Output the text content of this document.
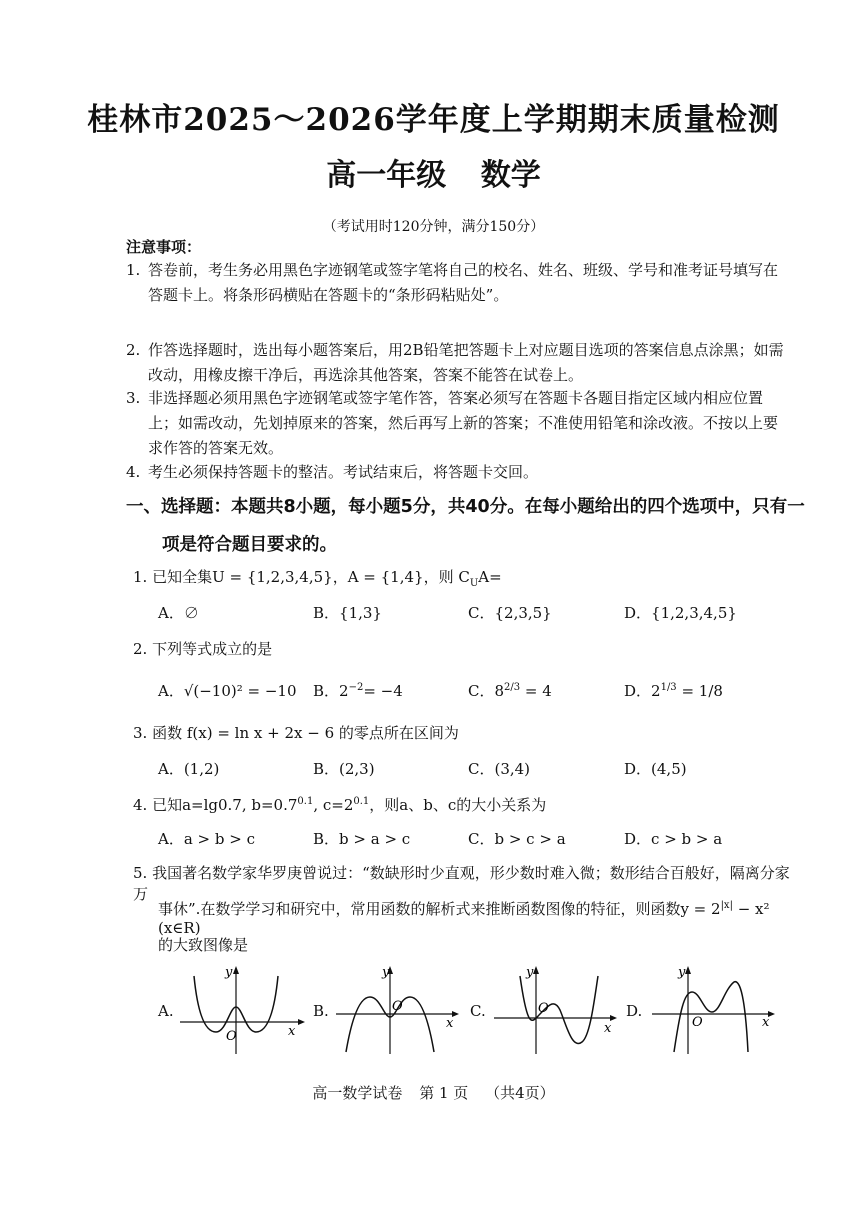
桂林市2025～2026学年度上学期期末质量检测
高一年级 数学
（考试用时120分钟，满分150分）
注意事项：
1. 答卷前，考生务必用黑色字迹钢笔或签字笔将自己的校名、姓名、班级、学号和准考证号填写在答题卡上。将条形码横贴在答题卡的“条形码粘贴处”。
2. 作答选择题时，选出每小题答案后，用2B铅笔把答题卡上对应题目选项的答案信息点涂黑；如需改动，用橡皮擦干净后，再选涂其他答案，答案不能答在试卷上。
3. 非选择题必须用黑色字迹钢笔或签字笔作答，答案必须写在答题卡各题目指定区域内相应位置上；如需改动，先划掉原来的答案，然后再写上新的答案；不准使用铅笔和涂改液。不按以上要求作答的答案无效。
4. 考生必须保持答题卡的整洁。考试结束后，将答题卡交回。
一、选择题：本题共8小题，每小题5分，共40分。在每小题给出的四个选项中，只有一项是符合题目要求的。
1. 已知全集U = {1,2,3,4,5}，A = {1,4}，则 $C_UA=$
A．∅	B．{1,3}	C．{2,3,5}	D．{1,2,3,4,5}
2. 下列等式成立的是
A．√(−10)² = −10 B．$2^{-2}= -4$	C．$8^{2/3} = 4$	D．$2^{1/3} = 1/8$
3. 函数 f(x) = ln x + 2x − 6 的零点所在区间为
A．(1,2)	B．(2,3)	C．(3,4)	D．(4,5)
4. 已知a=lg0.7, $b=0.7^{0.1}$, $c=2^{0.1}$，则a、b、c的大小关系为
A．a > b > c	B．b > a > c	C．b > c > a	D．c > b > a
5. 我国著名数学家华罗庚曾说过：“数缺形时少直观，形少数时难入微；数形结合百般好，隔离分家万
事休”.在数学学习和研究中，常用函数的解析式来推断函数图像的特征，则函数$y = 2^{|x|} - x^2$ (x∈R)
的大致图像是
A.	B.	C.	D.
O	x
y
O
x
y
O
x
y
O	x
y
高一数学试卷 第 1 页 （共4页）
